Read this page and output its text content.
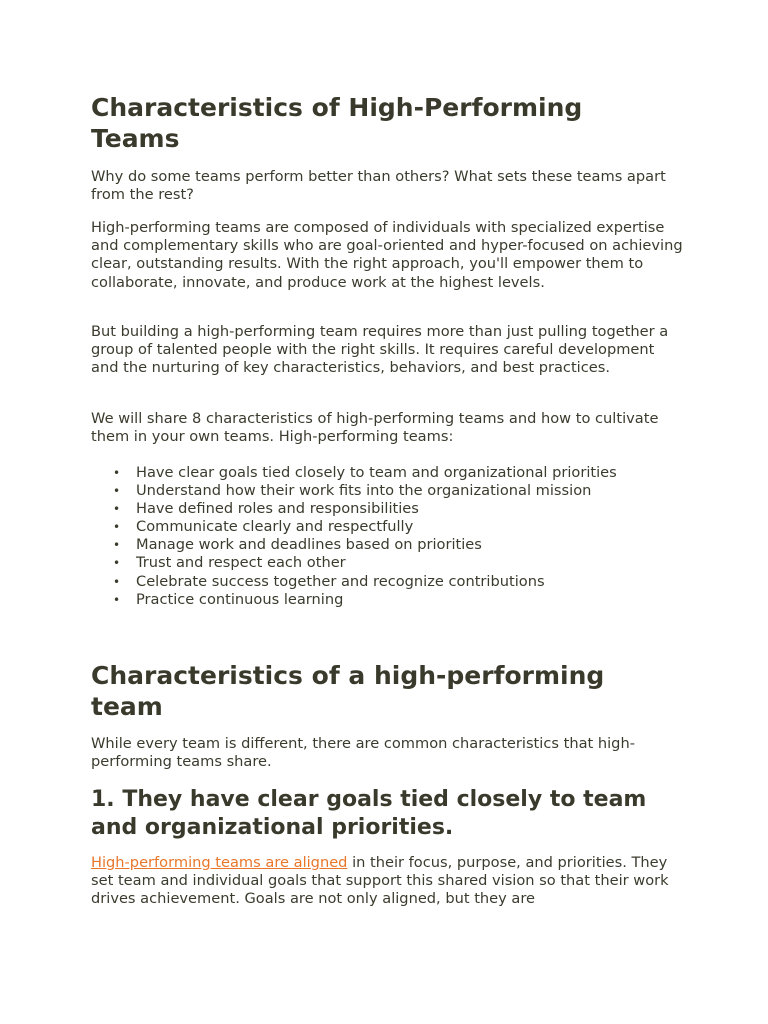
Characteristics of High-Performing Teams

Why do some teams perform better than others? What sets these teams apart from the rest?

High-performing teams are composed of individuals with specialized expertise and complementary skills who are goal-oriented and hyper-focused on achieving clear, outstanding results. With the right approach, you'll empower them to collaborate, innovate, and produce work at the highest levels.

But building a high-performing team requires more than just pulling together a group of talented people with the right skills. It requires careful development and the nurturing of key characteristics, behaviors, and best practices.

We will share 8 characteristics of high-performing teams and how to cultivate them in your own teams. High-performing teams:

• Have clear goals tied closely to team and organizational priorities
• Understand how their work fits into the organizational mission
• Have defined roles and responsibilities
• Communicate clearly and respectfully
• Manage work and deadlines based on priorities
• Trust and respect each other
• Celebrate success together and recognize contributions
• Practice continuous learning
Characteristics of a high-performing team

While every team is different, there are common characteristics that high-performing teams share.

1. They have clear goals tied closely to team and organizational priorities.

High-performing teams are aligned in their focus, purpose, and priorities. They set team and individual goals that support this shared vision so that their work drives achievement. Goals are not only aligned, but they are
